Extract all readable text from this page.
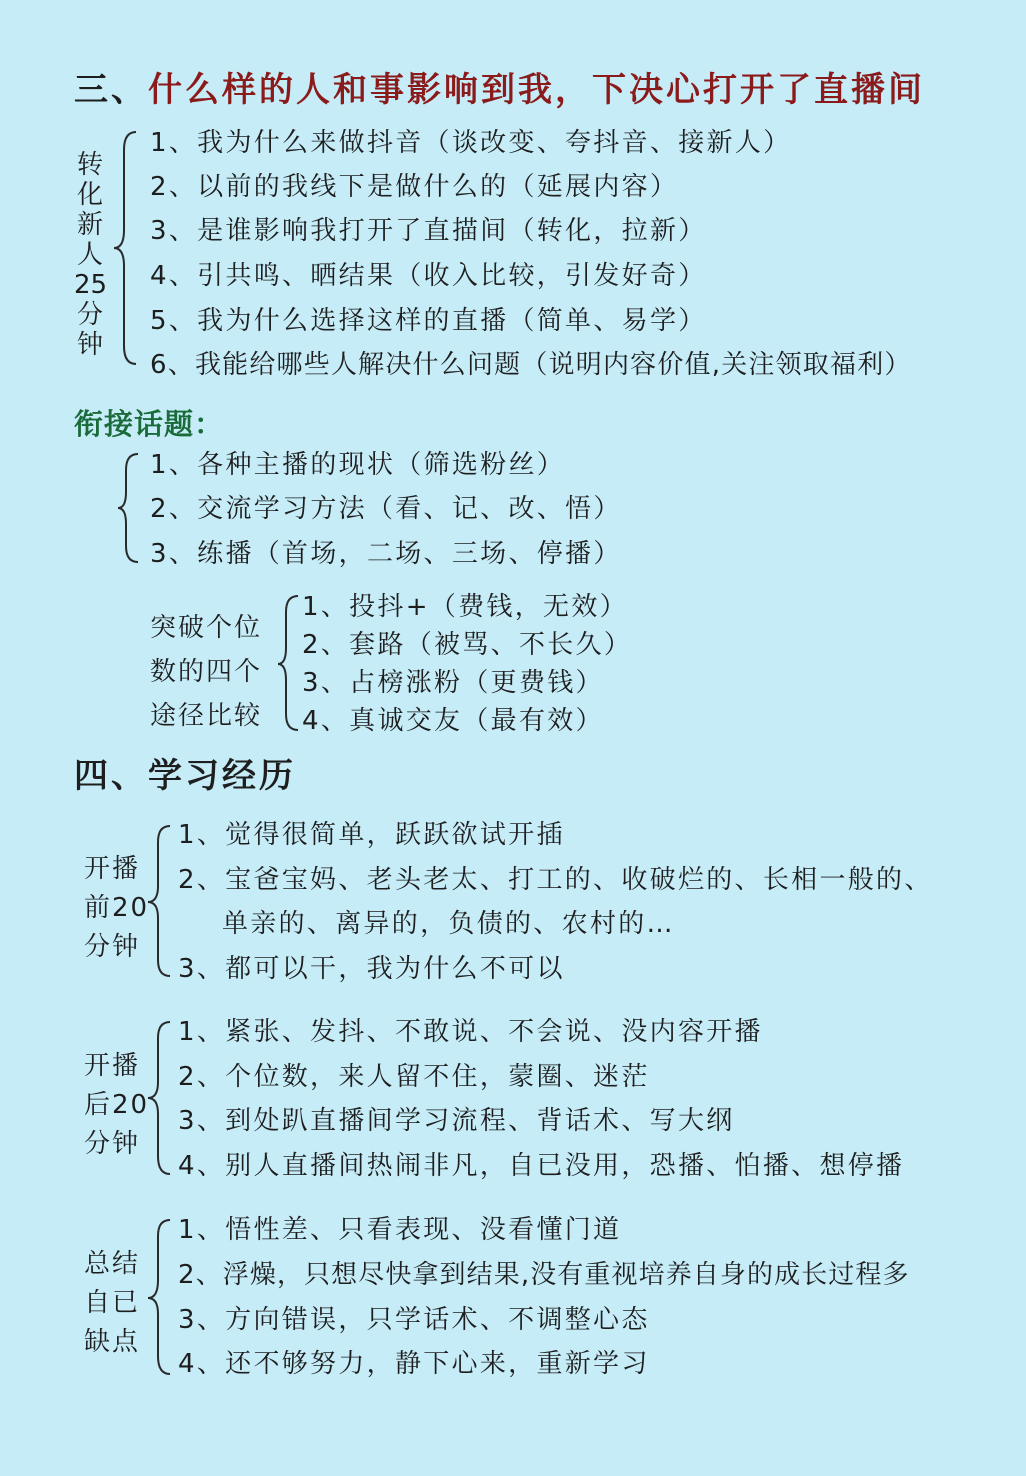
三、什么样的人和事影响到我，下决心打开了直播间
转化新人25分钟
1、我为什么来做抖音（谈改变、夸抖音、接新人）
2、以前的我线下是做什么的（延展内容）
3、是谁影响我打开了直描间（转化，拉新）
4、引共鸣、晒结果（收入比较，引发好奇）
5、我为什么选择这样的直播（简单、易学）
6、我能给哪些人解决什么问题（说明内容价值,关注领取福利）
衔接话题：
1、各种主播的现状（筛选粉丝）
2、交流学习方法（看、记、改、悟）
3、练播（首场，二场、三场、停播）
突破个位
数的四个
途径比较
1、投抖+（费钱，无效）
2、套路（被骂、不长久）
3、占榜涨粉（更费钱）
4、真诚交友（最有效）
四、学习经历
开播
前20
分钟
1、觉得很简单，跃跃欲试开插
2、宝爸宝妈、老头老太、打工的、收破烂的、长相一般的、
单亲的、离异的，负债的、农村的…
3、都可以干，我为什么不可以
开播
后20
分钟
1、紧张、发抖、不敢说、不会说、没内容开播
2、个位数，来人留不住，蒙圈、迷茫
3、到处趴直播间学习流程、背话术、写大纲
4、别人直播间热闹非凡，自已没用，恐播、怕播、想停播
总结
自已
缺点
1、悟性差、只看表现、没看懂门道
2、浮燥，只想尽快拿到结果,没有重视培养自身的成长过程多
3、方向错误，只学话术、不调整心态
4、还不够努力，静下心来，重新学习
